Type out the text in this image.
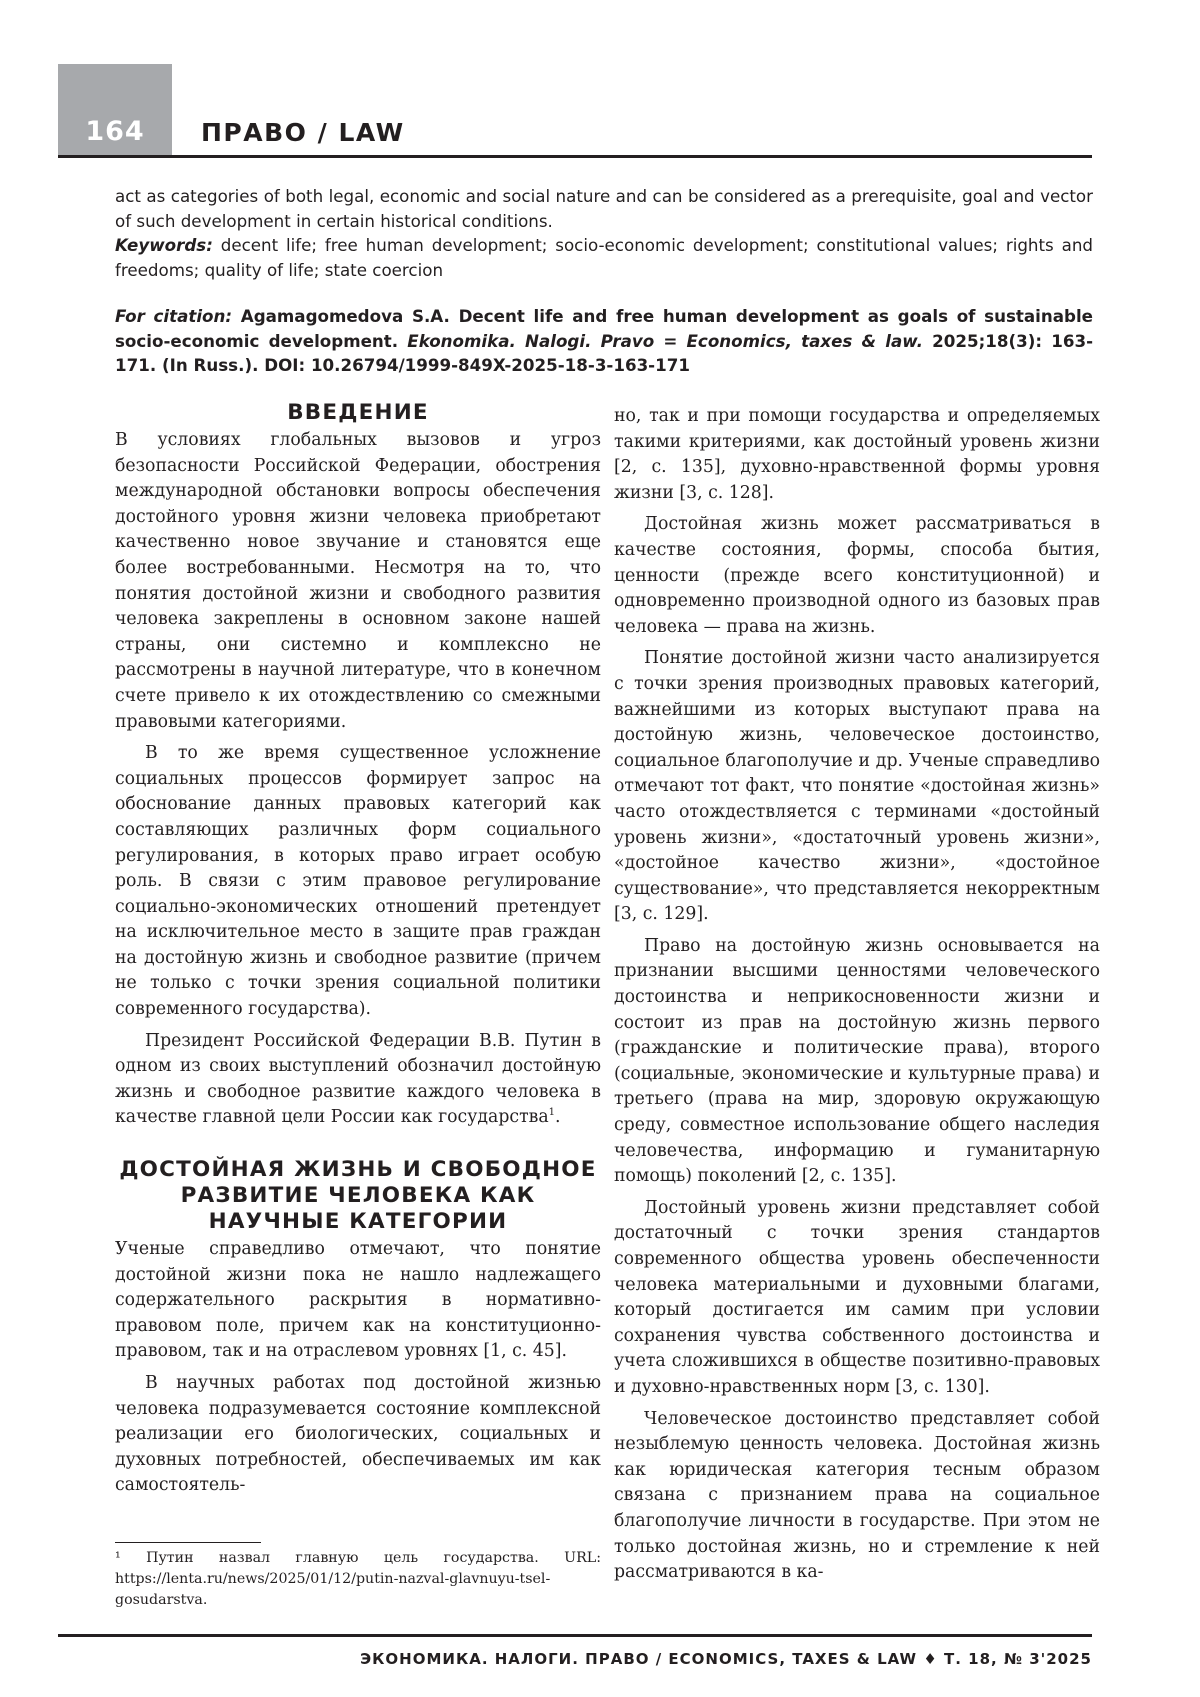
164	ПРАВО / LAW

act as categories of both legal, economic and social nature and can be considered as a prerequisite, goal and vector of such development in certain historical conditions.

Keywords: decent life; free human development; socio-economic development; constitutional values; rights and freedoms; quality of life; state coercion

For citation: Agamagomedova S.A. Decent life and free human development as goals of sustainable socio-economic development. Ekonomika. Nalogi. Pravo = Economics, taxes & law. 2025;18(3): 163-171. (In Russ.). DOI: 10.26794/1999-849X-2025-18-3-163-171

ВВЕДЕНИЕ

В условиях глобальных вызовов и угроз безопасности Российской Федерации, обострения международной обстановки вопросы обеспечения достойного уровня жизни человека приобретают качественно новое звучание и становятся еще более востребованными. Несмотря на то, что понятия достойной жизни и свободного развития человека закреплены в основном законе нашей страны, они системно и комплексно не рассмотрены в научной литературе, что в конечном счете привело к их отождествлению со смежными правовыми категориями.

В то же время существенное усложнение социальных процессов формирует запрос на обоснование данных правовых категорий как составляющих различных форм социального регулирования, в которых право играет особую роль. В связи с этим правовое регулирование социально-экономических отношений претендует на исключительное место в защите прав граждан на достойную жизнь и свободное развитие (причем не только с точки зрения социальной политики современного государства).

Президент Российской Федерации В.В. Путин в одном из своих выступлений обозначил достойную жизнь и свободное развитие каждого человека в качестве главной цели России как государства$^1$.

ДОСТОЙНАЯ ЖИЗНЬ И СВОБОДНОЕ РАЗВИТИЕ ЧЕЛОВЕКА КАК НАУЧНЫЕ КАТЕГОРИИ

Ученые справедливо отмечают, что понятие достойной жизни пока не нашло надлежащего содержательного раскрытия в нормативно-правовом поле, причем как на конституционно-правовом, так и на отраслевом уровнях [1, с. 45].

В научных работах под достойной жизнью человека подразумевается состояние комплексной реализации его биологических, социальных и духовных потребностей, обеспечиваемых им как самостоятель-

¹ Путин назвал главную цель государства. URL: https://lenta.ru/news/2025/01/12/putin-nazval-glavnuyu-tsel-gosudarstva.

но, так и при помощи государства и определяемых такими критериями, как достойный уровень жизни [2, с. 135], духовно-нравственной формы уровня жизни [3, с. 128].

Достойная жизнь может рассматриваться в качестве состояния, формы, способа бытия, ценности (прежде всего конституционной) и одновременно производной одного из базовых прав человека — права на жизнь.

Понятие достойной жизни часто анализируется с точки зрения производных правовых категорий, важнейшими из которых выступают права на достойную жизнь, человеческое достоинство, социальное благополучие и др. Ученые справедливо отмечают тот факт, что понятие «достойная жизнь» часто отождествляется с терминами «достойный уровень жизни», «достаточный уровень жизни», «достойное качество жизни», «достойное существование», что представляется некорректным [3, с. 129].

Право на достойную жизнь основывается на признании высшими ценностями человеческого достоинства и неприкосновенности жизни и состоит из прав на достойную жизнь первого (гражданские и политические права), второго (социальные, экономические и культурные права) и третьего (права на мир, здоровую окружающую среду, совместное использование общего наследия человечества, информацию и гуманитарную помощь) поколений [2, с. 135].

Достойный уровень жизни представляет собой достаточный с точки зрения стандартов современного общества уровень обеспеченности человека материальными и духовными благами, который достигается им самим при условии сохранения чувства собственного достоинства и учета сложившихся в обществе позитивно-правовых и духовно-нравственных норм [3, с. 130].

Человеческое достоинство представляет собой незыблемую ценность человека. Достойная жизнь как юридическая категория тесным образом связана с признанием права на социальное благополучие личности в государстве. При этом не только достойная жизнь, но и стремление к ней рассматриваются в ка-

ЭКОНОМИКА. НАЛОГИ. ПРАВО / ECONOMICS, TAXES & LAW ♦ Т. 18, № 3'2025
